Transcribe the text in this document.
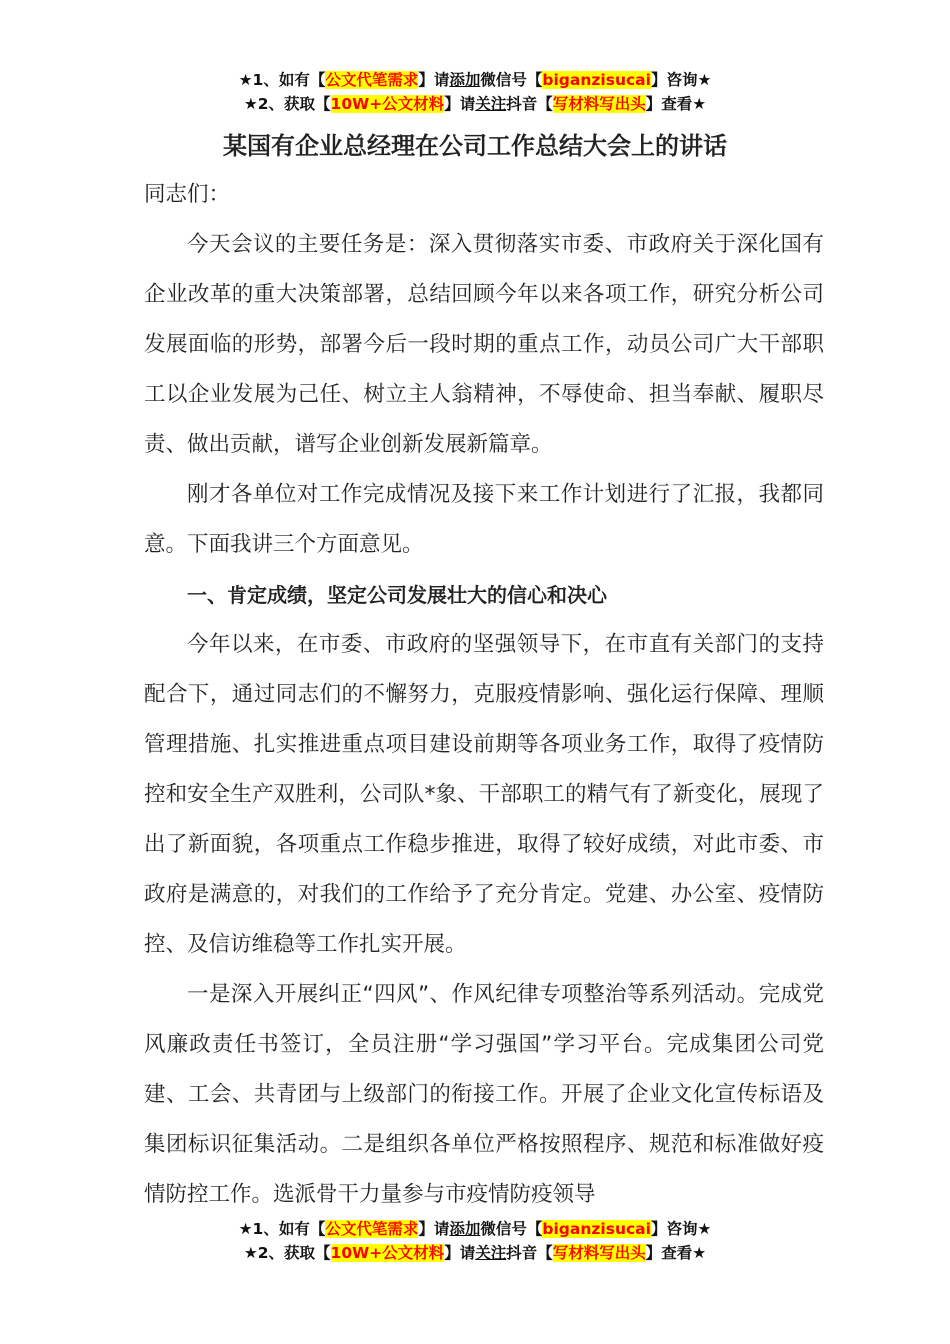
★1、如有【公文代笔需求】请添加微信号【biganzisucai】咨询★
★2、获取【10W+公文材料】请关注抖音【写材料写出头】查看★
某国有企业总经理在公司工作总结大会上的讲话

同志们：

今天会议的主要任务是：深入贯彻落实市委、市政府关于深化国有企业改革的重大决策部署，总结回顾今年以来各项工作，研究分析公司发展面临的形势，部署今后一段时期的重点工作，动员公司广大干部职工以企业发展为己任、树立主人翁精神，不辱使命、担当奉献、履职尽责、做出贡献，谱写企业创新发展新篇章。

刚才各单位对工作完成情况及接下来工作计划进行了汇报，我都同意。下面我讲三个方面意见。

一、肯定成绩，坚定公司发展壮大的信心和决心

今年以来，在市委、市政府的坚强领导下，在市直有关部门的支持配合下，通过同志们的不懈努力，克服疫情影响、强化运行保障、理顺管理措施、扎实推进重点项目建设前期等各项业务工作，取得了疫情防控和安全生产双胜利，公司队*象、干部职工的精气有了新变化，展现了出了新面貌，各项重点工作稳步推进，取得了较好成绩，对此市委、市政府是满意的，对我们的工作给予了充分肯定。党建、办公室、疫情防控、及信访维稳等工作扎实开展。

一是深入开展纠正“四风”、作风纪律专项整治等系列活动。完成党风廉政责任书签订，全员注册“学习强国”学习平台。完成集团公司党建、工会、共青团与上级部门的衔接工作。开展了企业文化宣传标语及集团标识征集活动。二是组织各单位严格按照程序、规范和标准做好疫情防控工作。选派骨干力量参与市疫情防疫领导

★1、如有【公文代笔需求】请添加微信号【biganzisucai】咨询★
★2、获取【10W+公文材料】请关注抖音【写材料写出头】查看★
